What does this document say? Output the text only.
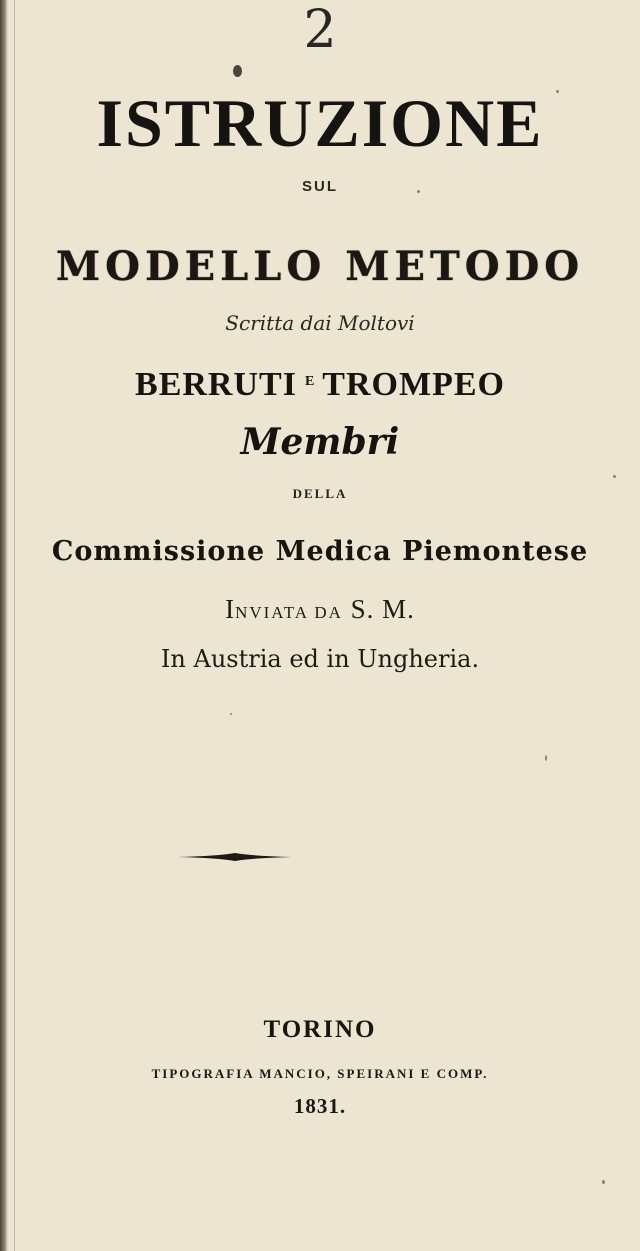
2
ISTRUZIONE
SUL
MODELLO METODO
Scritta dai Moltovi
BERRUTI $^E$ TROMPEO
Membri
DELLA
Commissione Medica Piemontese
INVIATA DA S. M.
In Austria ed in Ungheria.
TORINO
TIPOGRAFIA MANCIO, SPEIRANI E COMP.
1831.
